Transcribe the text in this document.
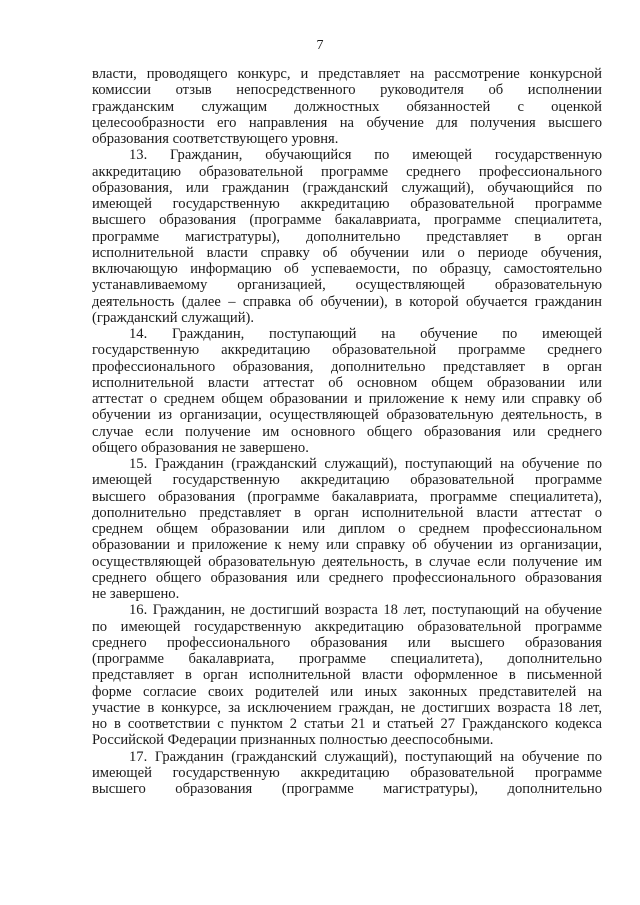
7
власти, проводящего конкурс, и представляет на рассмотрение конкурсной
комиссии отзыв непосредственного руководителя об исполнении
гражданским служащим должностных обязанностей с оценкой
целесообразности его направления на обучение для получения высшего
образования соответствующего уровня.
13. Гражданин, обучающийся по имеющей государственную
аккредитацию образовательной программе среднего профессионального
образования, или гражданин (гражданский служащий), обучающийся по
имеющей государственную аккредитацию образовательной программе
высшего образования (программе бакалавриата, программе специалитета,
программе магистратуры), дополнительно представляет в орган
исполнительной власти справку об обучении или о периоде обучения,
включающую информацию об успеваемости, по образцу, самостоятельно
устанавливаемому организацией, осуществляющей образовательную
деятельность (далее – справка об обучении), в которой обучается гражданин
(гражданский служащий).
14. Гражданин, поступающий на обучение по имеющей
государственную аккредитацию образовательной программе среднего
профессионального образования, дополнительно представляет в орган
исполнительной власти аттестат об основном общем образовании или
аттестат о среднем общем образовании и приложение к нему или справку об
обучении из организации, осуществляющей образовательную деятельность, в
случае если получение им основного общего образования или среднего
общего образования не завершено.
15. Гражданин (гражданский служащий), поступающий на обучение по
имеющей государственную аккредитацию образовательной программе
высшего образования (программе бакалавриата, программе специалитета),
дополнительно представляет в орган исполнительной власти аттестат о
среднем общем образовании или диплом о среднем профессиональном
образовании и приложение к нему или справку об обучении из организации,
осуществляющей образовательную деятельность, в случае если получение им
среднего общего образования или среднего профессионального образования
не завершено.
16. Гражданин, не достигший возраста 18 лет, поступающий на обучение
по имеющей государственную аккредитацию образовательной программе
среднего профессионального образования или высшего образования
(программе бакалавриата, программе специалитета), дополнительно
представляет в орган исполнительной власти оформленное в письменной
форме согласие своих родителей или иных законных представителей на
участие в конкурсе, за исключением граждан, не достигших возраста 18 лет,
но в соответствии с пунктом 2 статьи 21 и статьей 27 Гражданского кодекса
Российской Федерации признанных полностью дееспособными.
17. Гражданин (гражданский служащий), поступающий на обучение по
имеющей государственную аккредитацию образовательной программе
высшего образования (программе магистратуры), дополнительно
